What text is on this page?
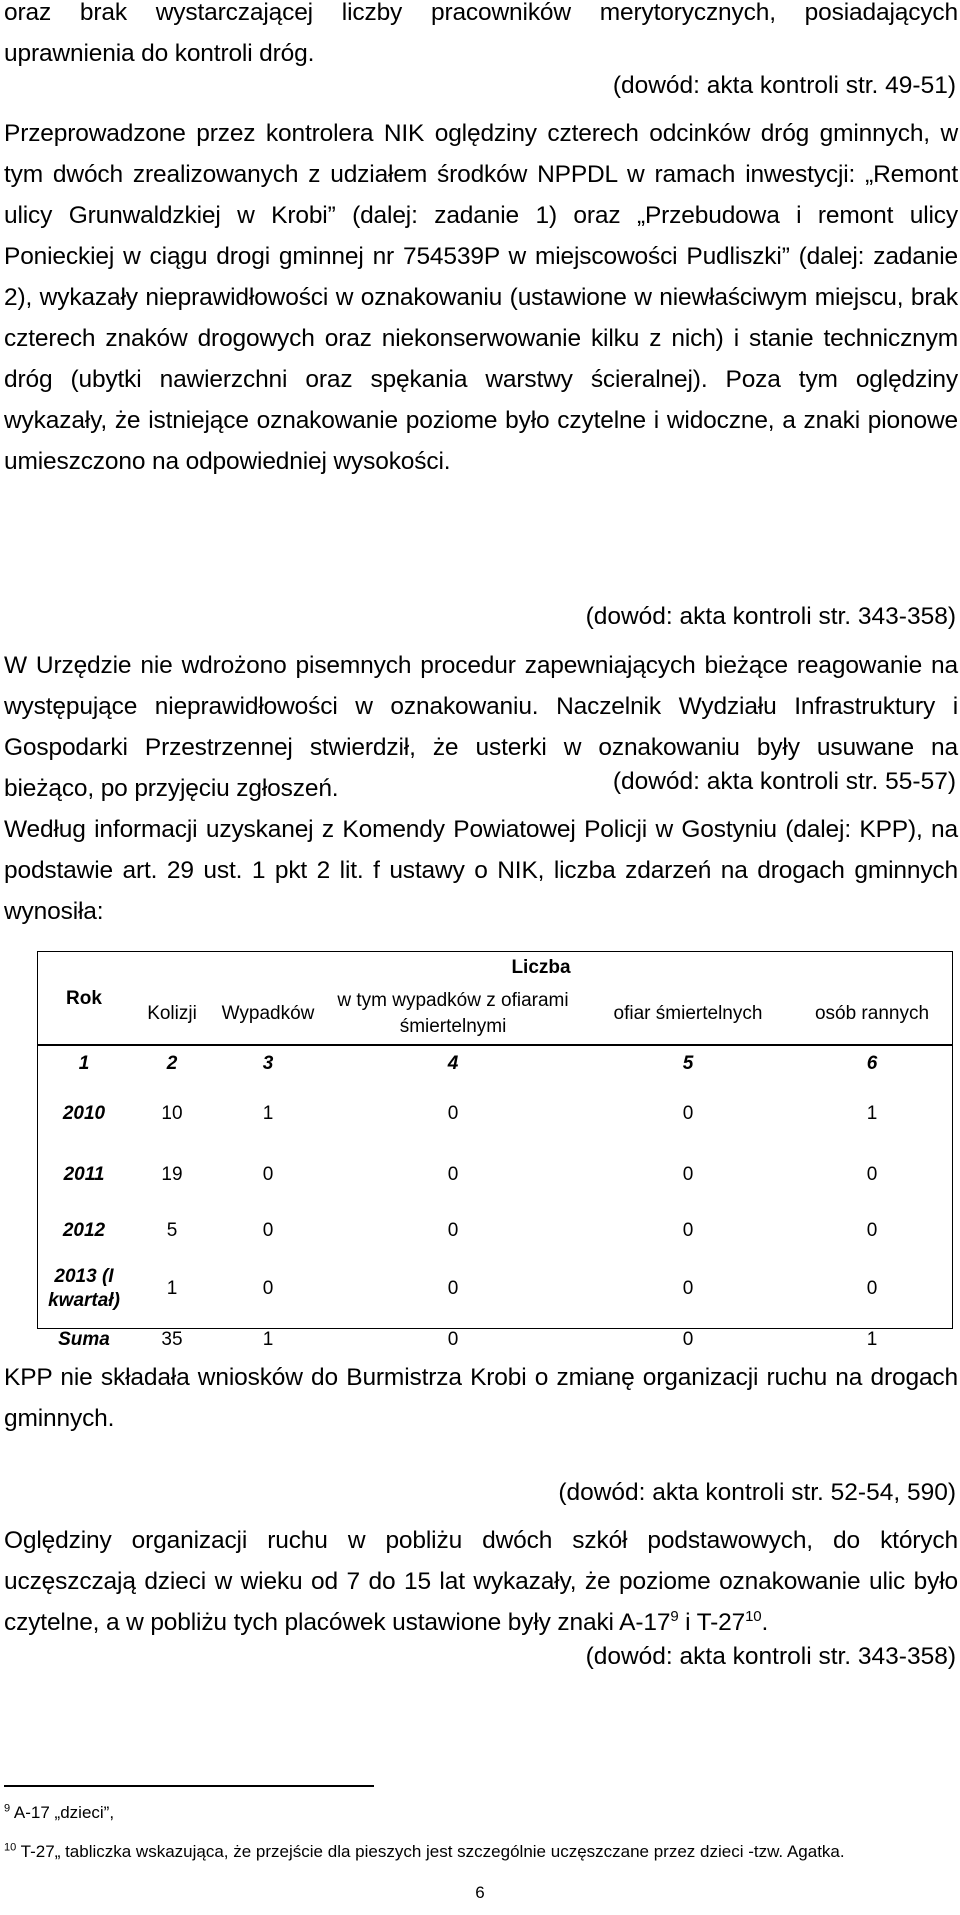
oraz brak wystarczającej liczby pracowników merytorycznych, posiadających uprawnienia do kontroli dróg.

(dowód: akta kontroli str. 49-51)

Przeprowadzone przez kontrolera NIK oględziny czterech odcinków dróg gminnych, w tym dwóch zrealizowanych z udziałem środków NPPDL w ramach inwestycji: „Remont ulicy Grunwaldzkiej w Krobi” (dalej: zadanie 1) oraz „Przebudowa i remont ulicy Ponieckiej w ciągu drogi gminnej nr 754539P w miejscowości Pudliszki” (dalej: zadanie 2), wykazały nieprawidłowości w oznakowaniu (ustawione w niewłaściwym miejscu, brak czterech znaków drogowych oraz niekonserwowanie kilku z nich) i stanie technicznym dróg (ubytki nawierzchni oraz spękania warstwy ścieralnej). Poza tym oględziny wykazały, że istniejące oznakowanie poziome było czytelne i widoczne, a znaki pionowe umieszczono na odpowiedniej wysokości.

(dowód: akta kontroli str. 343-358)

W Urzędzie nie wdrożono pisemnych procedur zapewniających bieżące reagowanie na występujące nieprawidłowości w oznakowaniu. Naczelnik Wydziału Infrastruktury i Gospodarki Przestrzennej stwierdził, że usterki w oznakowaniu były usuwane na bieżąco, po przyjęciu zgłoszeń.	(dowód: akta kontroli str. 55-57)

Według informacji uzyskanej z Komendy Powiatowej Policji w Gostyniu (dalej: KPP), na podstawie art. 29 ust. 1 pkt 2 lit. f ustawy o NIK, liczba zdarzeń na drogach gminnych wynosiła:

Rok	Liczba				
	Kolizji	Wypadków	w tym wypadków z ofiarami śmiertelnymi	ofiar śmiertelnych	osób rannych
1	2	3	4	5	6
2010	10	1	0	0	1
2011	19	0	0	0	0
2012	5	0	0	0	0
2013 (I kwartał)	1	0	0	0	0
Suma	35	1	0	0	1

KPP nie składała wniosków do Burmistrza Krobi o zmianę organizacji ruchu na drogach gminnych.

(dowód: akta kontroli str. 52-54, 590)

Oględziny organizacji ruchu w pobliżu dwóch szkół podstawowych, do których uczęszczają dzieci w wieku od 7 do 15 lat wykazały, że poziome oznakowanie ulic było czytelne, a w pobliżu tych placówek ustawione były znaki $A-17^9$ i $T-27^{10}$.

(dowód: akta kontroli str. 343-358)

$^9$ A-17 „dzieci”,

$^{10}$ T-27„ tabliczka wskazująca, że przejście dla pieszych jest szczególnie uczęszczane przez dzieci -tzw. Agatka.

6
